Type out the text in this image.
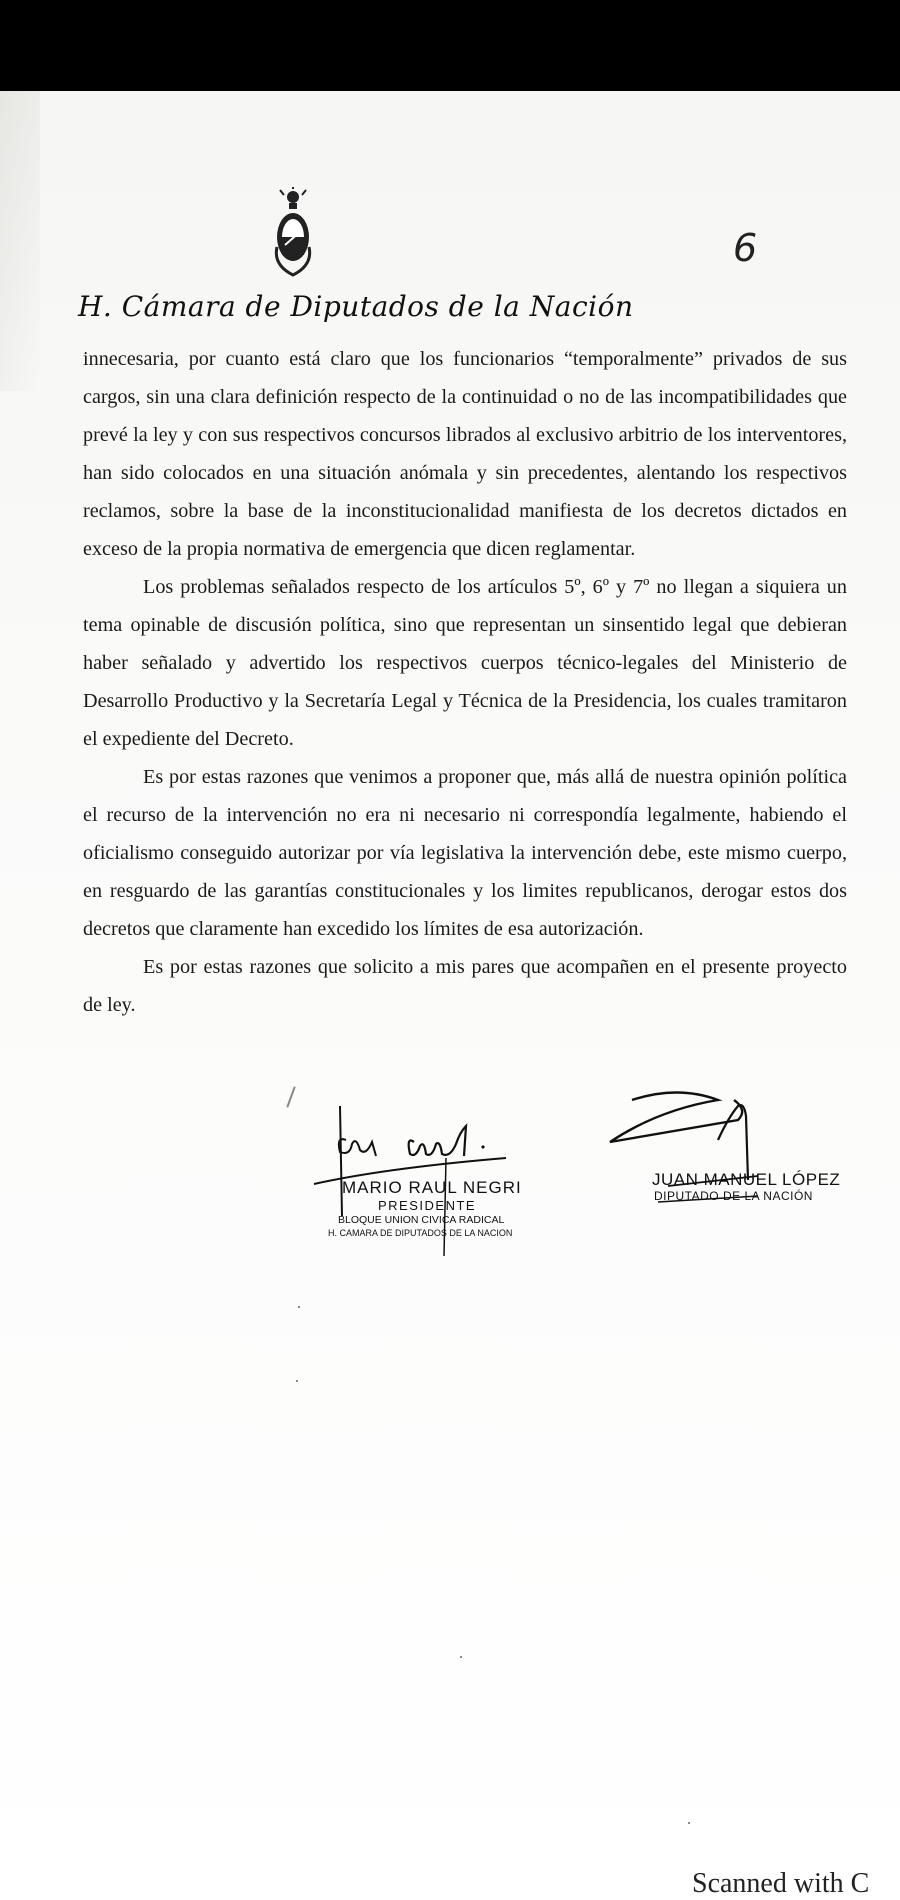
6
H. Cámara de Diputados de la Nación

innecesaria, por cuanto está claro que los funcionarios “temporalmente” privados de sus cargos, sin una clara definición respecto de la continuidad o no de las incompatibilidades que prevé la ley y con sus respectivos concursos librados al exclusivo arbitrio de los interventores, han sido colocados en una situación anómala y sin precedentes, alentando los respectivos reclamos, sobre la base de la inconstitucionalidad manifiesta de los decretos dictados en exceso de la propia normativa de emergencia que dicen reglamentar.

Los problemas señalados respecto de los artículos 5º, 6º y 7º no llegan a siquiera un tema opinable de discusión política, sino que representan un sinsentido legal que debieran haber señalado y advertido los respectivos cuerpos técnico-legales del Ministerio de Desarrollo Productivo y la Secretaría Legal y Técnica de la Presidencia, los cuales tramitaron el expediente del Decreto.

Es por estas razones que venimos a proponer que, más allá de nuestra opinión política el recurso de la intervención no era ni necesario ni correspondía legalmente, habiendo el oficialismo conseguido autorizar por vía legislativa la intervención debe, este mismo cuerpo, en resguardo de las garantías constitucionales y los limites republicanos, derogar estos dos decretos que claramente han excedido los límites de esa autorización.

Es por estas razones que solicito a mis pares que acompañen en el presente proyecto de ley.

MARIO RAUL NEGRI
PRESIDENTE
BLOQUE UNION CIVICA RADICAL
H. CAMARA DE DIPUTADOS DE LA NACION
JUAN MANUEL LÓPEZ
DIPUTADO DE LA NACIÓN
Scanned with C
